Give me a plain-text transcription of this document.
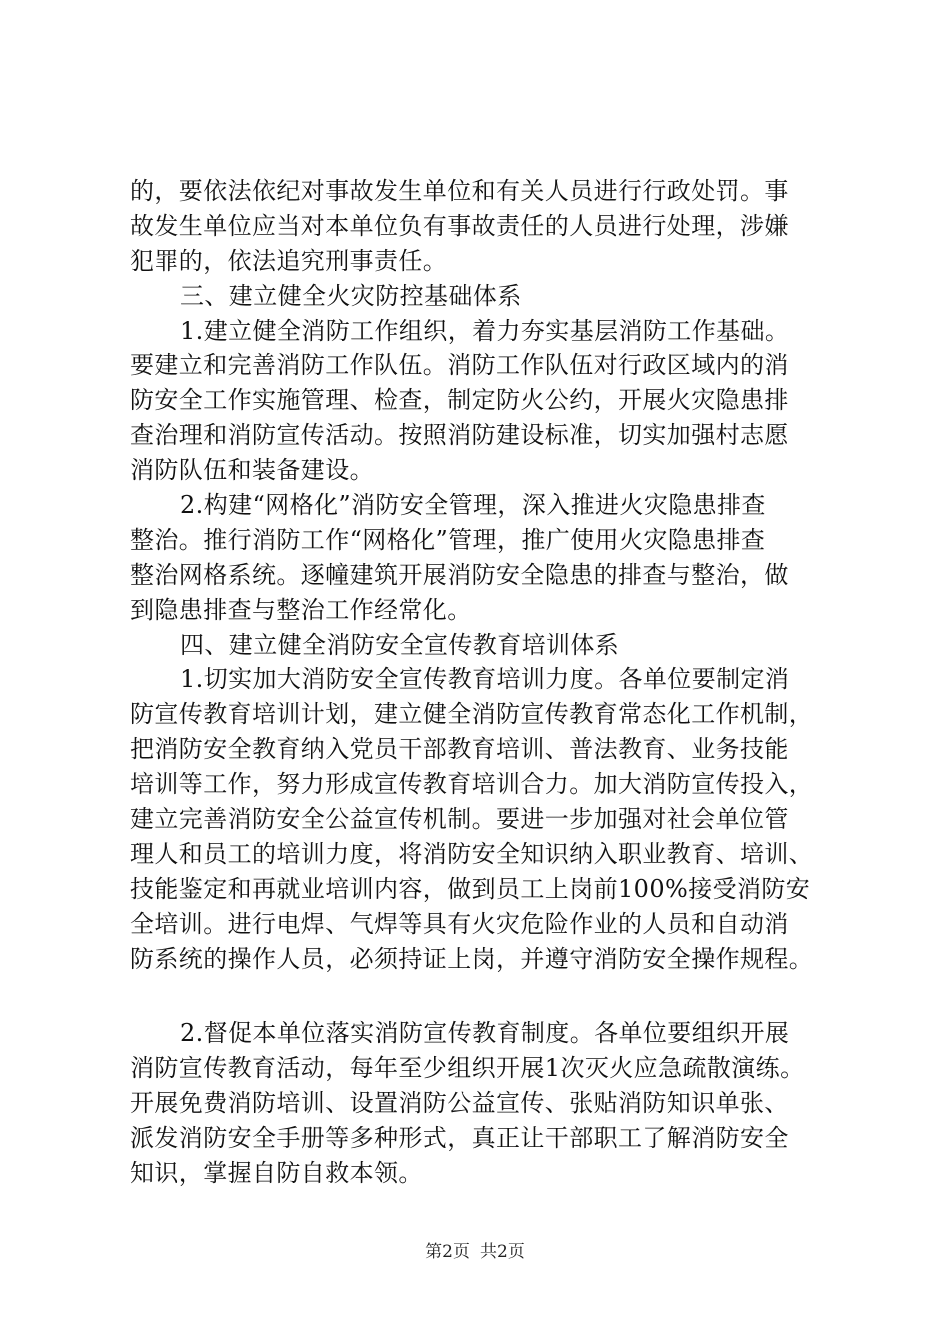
的，要依法依纪对事故发生单位和有关人员进行行政处罚。事
故发生单位应当对本单位负有事故责任的人员进行处理，涉嫌
犯罪的，依法追究刑事责任。
三、建立健全火灾防控基础体系
1.建立健全消防工作组织，着力夯实基层消防工作基础。
要建立和完善消防工作队伍。消防工作队伍对行政区域内的消
防安全工作实施管理、检查，制定防火公约，开展火灾隐患排
查治理和消防宣传活动。按照消防建设标准，切实加强村志愿
消防队伍和装备建设。
2.构建“网格化”消防安全管理，深入推进火灾隐患排查
整治。推行消防工作“网格化”管理，推广使用火灾隐患排查
整治网格系统。逐幢建筑开展消防安全隐患的排查与整治，做
到隐患排查与整治工作经常化。
四、建立健全消防安全宣传教育培训体系
1.切实加大消防安全宣传教育培训力度。各单位要制定消
防宣传教育培训计划，建立健全消防宣传教育常态化工作机制，
把消防安全教育纳入党员干部教育培训、普法教育、业务技能
培训等工作，努力形成宣传教育培训合力。加大消防宣传投入，
建立完善消防安全公益宣传机制。要进一步加强对社会单位管
理人和员工的培训力度，将消防安全知识纳入职业教育、培训、
技能鉴定和再就业培训内容，做到员工上岗前100%接受消防安
全培训。进行电焊、气焊等具有火灾危险作业的人员和自动消
防系统的操作人员，必须持证上岗，并遵守消防安全操作规程。
2.督促本单位落实消防宣传教育制度。各单位要组织开展
消防宣传教育活动，每年至少组织开展1次灭火应急疏散演练。
开展免费消防培训、设置消防公益宣传、张贴消防知识单张、
派发消防安全手册等多种形式，真正让干部职工了解消防安全
知识，掌握自防自救本领。
第2页 共2页
